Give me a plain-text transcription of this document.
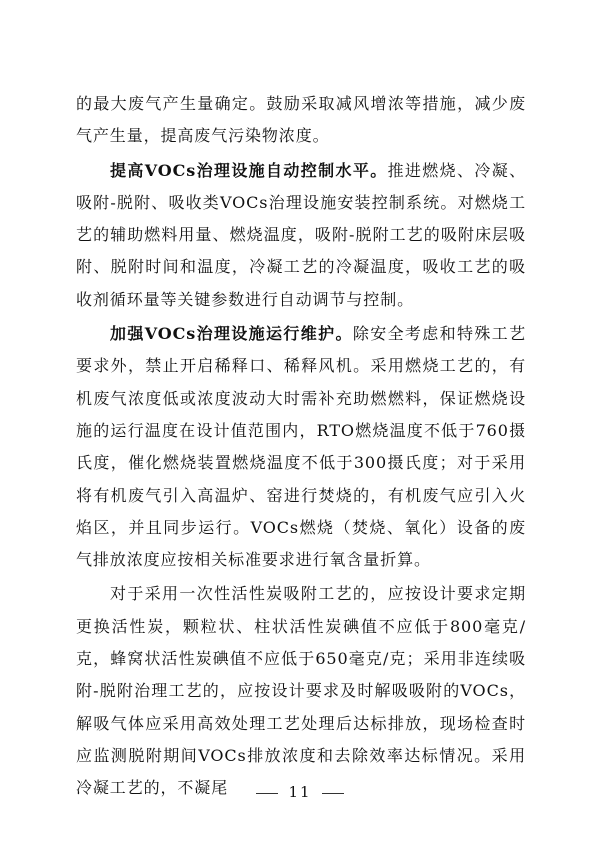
的最大废气产生量确定。鼓励采取减风增浓等措施，减少废气产生量，提高废气污染物浓度。

提高VOCs治理设施自动控制水平。推进燃烧、冷凝、吸附-脱附、吸收类VOCs治理设施安装控制系统。对燃烧工艺的辅助燃料用量、燃烧温度，吸附-脱附工艺的吸附床层吸附、脱附时间和温度，冷凝工艺的冷凝温度，吸收工艺的吸收剂循环量等关键参数进行自动调节与控制。

加强VOCs治理设施运行维护。除安全考虑和特殊工艺要求外，禁止开启稀释口、稀释风机。采用燃烧工艺的，有机废气浓度低或浓度波动大时需补充助燃燃料，保证燃烧设施的运行温度在设计值范围内，RTO燃烧温度不低于760摄氏度，催化燃烧装置燃烧温度不低于300摄氏度；对于采用将有机废气引入高温炉、窑进行焚烧的，有机废气应引入火焰区，并且同步运行。VOCs燃烧（焚烧、氧化）设备的废气排放浓度应按相关标准要求进行氧含量折算。

对于采用一次性活性炭吸附工艺的，应按设计要求定期更换活性炭，颗粒状、柱状活性炭碘值不应低于800毫克/克，蜂窝状活性炭碘值不应低于650毫克/克；采用非连续吸附-脱附治理工艺的，应按设计要求及时解吸吸附的VOCs，解吸气体应采用高效处理工艺处理后达标排放，现场检查时应监测脱附期间VOCs排放浓度和去除效率达标情况。采用冷凝工艺的，不凝尾	11
